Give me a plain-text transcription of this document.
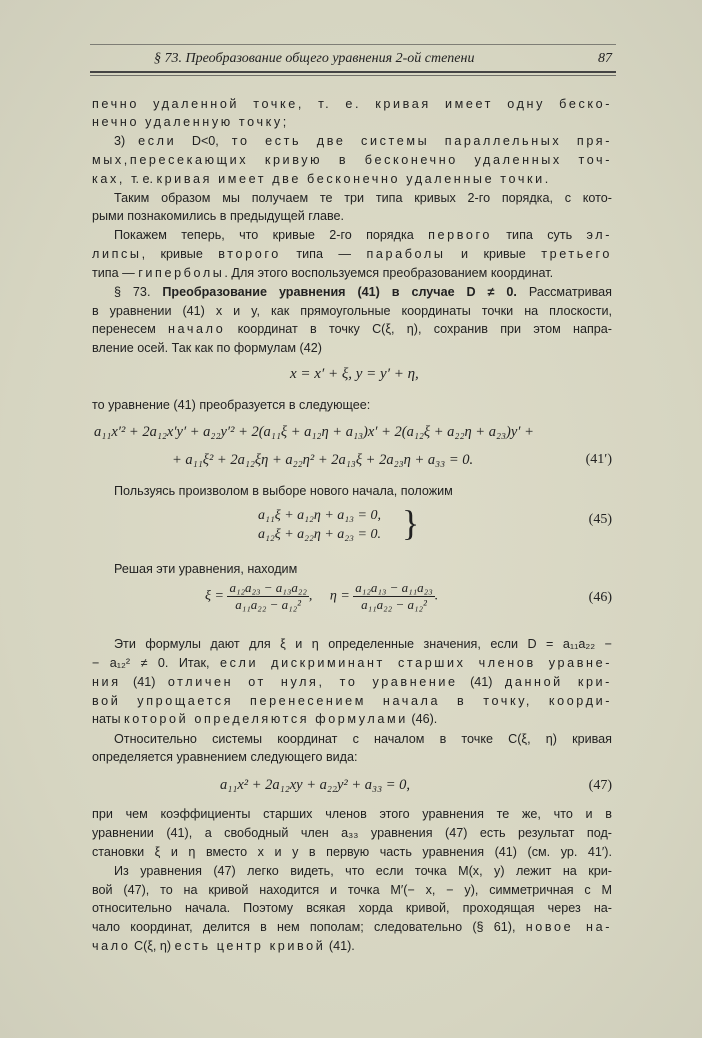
§ 73. Преобразование общего уравнения 2-ой степени	87
печно удаленной точке, т. е. кривая имеет одну беско-
нечно удаленную точку;
3) если D<0, то есть две системы параллельных пря-
мых,пересекающих кривую в бесконечно удаленных точ-
ках, т. е. кривая имеет две бесконечно удаленные точки.
Таким образом мы получаем те три типа кривых 2-го порядка, с кото-
рыми познакомились в предыдущей главе.
Покажем теперь, что кривые 2-го порядка первого типа суть эл-
липсы, кривые второго типа — параболы и кривые третьего
типа — гиперболы. Для этого воспользуемся преобразованием координат.
§ 73. Преобразование уравнения (41) в случае D ≠ 0. Рассматривая
в уравнении (41) x и y, как прямоугольные координаты точки на плоскости,
перенесем начало координат в точку C(ξ, η), сохранив при этом напра-
вление осей. Так как по формулам (42)
то уравнение (41) преобразуется в следующее:
Пользуясь произволом в выборе нового начала, положим
Решая эти уравнения, находим
Эти формулы дают для ξ и η определенные значения, если D = a₁₁a₂₂ −
− a₁₂² ≠ 0. Итак, если дискриминант старших членов уравне-
ния (41) отличен от нуля, то уравнение (41) данной кри-
вой упрощается перенесением начала в точку, коорди-
наты которой определяются формулами (46).
Относительно системы координат с началом в точке C(ξ, η) кривая
определяется уравнением следующего вида:
при чем коэффициенты старших членов этого уравнения те же, что и в
уравнении (41), а свободный член a₃₃ уравнения (47) есть результат под-
становки ξ и η вместо x и y в первую часть уравнения (41) (см. ур. 41′).
Из уравнения (47) легко видеть, что если точка M(x, y) лежит на кри-
вой (47), то на кривой находится и точка M′(− x, − y), симметричная с M
относительно начала. Поэтому всякая хорда кривой, проходящая через на-
чало координат, делится в нем пополам; следовательно (§ 61), новое на-
чало C(ξ, η) есть центр кривой (41).
x = x′ + ξ, y = y′ + η,
a₁₁x′² + 2a₁₂x′y′ + a₂₂y′² + 2(a₁₁ξ + a₁₂η + a₁₃)x′ + 2(a₁₂ξ + a₂₂η + a₂₃)y′ +
+ a₁₁ξ² + 2a₁₂ξη + a₂₂η² + 2a₁₃ξ + 2a₂₃η + a₃₃ = 0.	(41′)
a₁₁ξ + a₁₂η + a₁₃ = 0,
a₁₂ξ + a₂₂η + a₂₃ = 0. }	(45)
$\xi = \frac{\text{a₁₂a₂₃ − a₁₃a₂₂}}{\text{a₁₁a₂₂ − a₁₂²}}$ ,     $\eta = \frac{\text{a₁₂a₁₃ − a₁₁a₂₃}}{\text{a₁₁a₂₂ − a₁₂²}}$ .	(46)
a₁₁x² + 2a₁₂xy + a₂₂y² + a₃₃ = 0,	(47)
